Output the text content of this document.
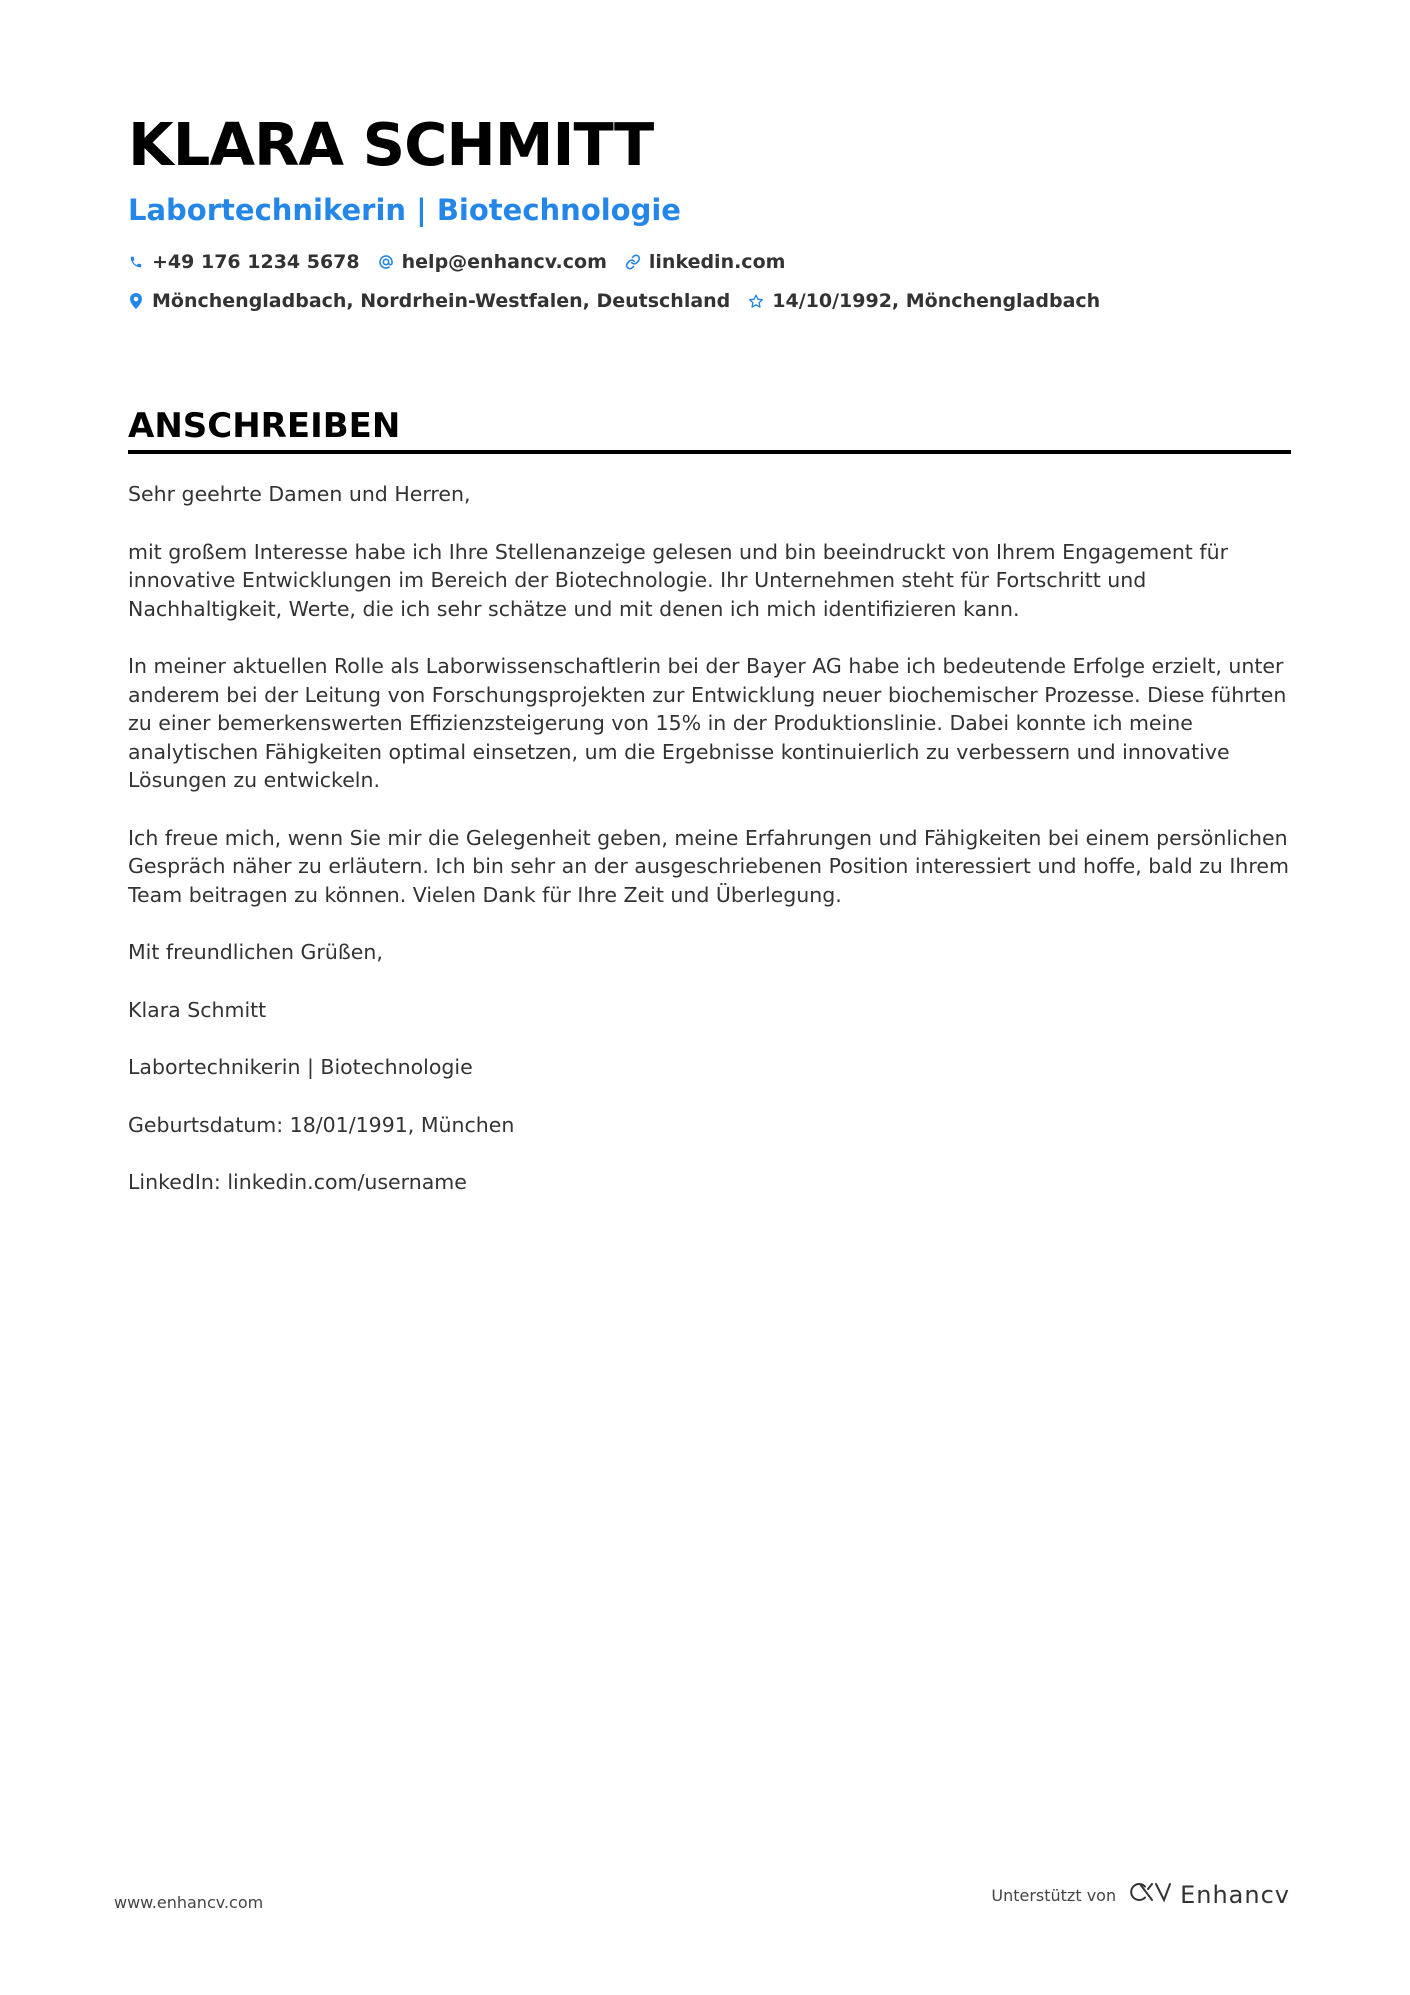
KLARA SCHMITT
Labortechnikerin | Biotechnologie
+49 176 1234 5678 help@enhancv.com linkedin.com
Mönchengladbach, Nordrhein-Westfalen, Deutschland 14/10/1992, Mönchengladbach
ANSCHREIBEN

Sehr geehrte Damen und Herren,

mit großem Interesse habe ich Ihre Stellenanzeige gelesen und bin beeindruckt von Ihrem Engagement für innovative Entwicklungen im Bereich der Biotechnologie. Ihr Unternehmen steht für Fortschritt und Nachhaltigkeit, Werte, die ich sehr schätze und mit denen ich mich identifizieren kann.

In meiner aktuellen Rolle als Laborwissenschaftlerin bei der Bayer AG habe ich bedeutende Erfolge erzielt, unter anderem bei der Leitung von Forschungsprojekten zur Entwicklung neuer biochemischer Prozesse. Diese führten zu einer bemerkenswerten Effizienzsteigerung von 15% in der Produktionslinie. Dabei konnte ich meine analytischen Fähigkeiten optimal einsetzen, um die Ergebnisse kontinuierlich zu verbessern und innovative Lösungen zu entwickeln.

Ich freue mich, wenn Sie mir die Gelegenheit geben, meine Erfahrungen und Fähigkeiten bei einem persönlichen Gespräch näher zu erläutern. Ich bin sehr an der ausgeschriebenen Position interessiert und hoffe, bald zu Ihrem Team beitragen zu können. Vielen Dank für Ihre Zeit und Überlegung.

Mit freundlichen Grüßen,

Klara Schmitt

Labortechnikerin | Biotechnologie

Geburtsdatum: 18/01/1991, München

LinkedIn: linkedin.com/username

www.enhancv.com	Unterstützt von	Enhancv
